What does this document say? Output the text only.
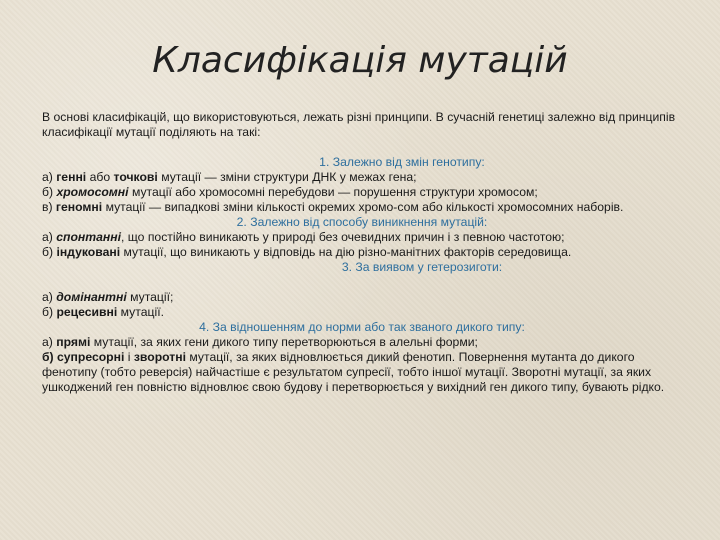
Класифікація мутацій

В основі класифікацій, що використовуються, лежать різні принципи. В сучасній генетиці залежно від принципів класифікації мутації поділяють на такі:

1. Залежно від змін генотипу:

а) генні або точкові мутації — зміни структури ДНК у межах гена;

б) хромосомні мутації або хромосомні перебудови — порушення структури хромосом;

в) геномні мутації — випадкові зміни кількості окремих хромо-сом або кількості хромосомних наборів.

2. Залежно від способу виникнення мутацій:

а) спонтанні, що постійно виникають у природі без очевидних причин і з певною частотою;

б) індуковані мутації, що виникають у відповідь на дію різно-манітних факторів середовища.

3. За виявом у гетерозиготи:

а) домінантні мутації;

б) рецесивні мутації.

4. За відношенням до норми або так званого дикого типу:

а) прямі мутації, за яких гени дикого типу перетворюються в алельні форми;

б) супресорні і зворотні мутації, за яких відновлюється дикий фенотип. Повернення мутанта до дикого фенотипу (тобто реверсія) найчастіше є результатом супресії, тобто іншої мутації. Зворотні мутації, за яких ушкоджений ген повністю відновлює свою будову і перетворюється у вихідний ген дикого типу, бувають рідко.
